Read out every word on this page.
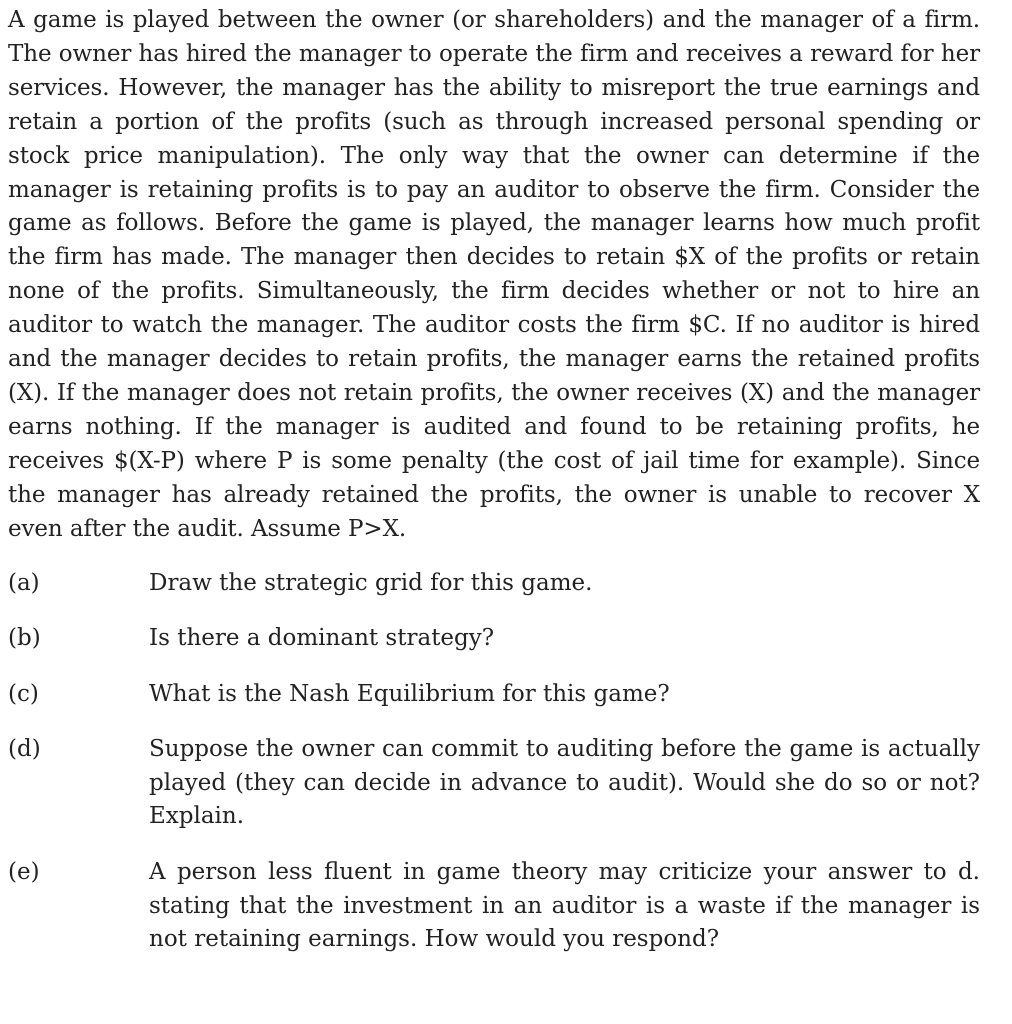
A game is played between the owner (or shareholders) and the manager of a firm. The owner has hired the manager to operate the firm and receives a reward for her services. However, the manager has the ability to misreport the true earnings and retain a portion of the profits (such as through increased personal spending or stock price manipulation). The only way that the owner can determine if the manager is retaining profits is to pay an auditor to observe the firm. Consider the game as follows. Before the game is played, the manager learns how much profit the firm has made. The manager then decides to retain $X of the profits or retain none of the profits. Simultaneously, the firm decides whether or not to hire an auditor to watch the manager. The auditor costs the firm $C. If no auditor is hired and the manager decides to retain profits, the manager earns the retained profits (X). If the manager does not retain profits, the owner receives (X) and the manager earns nothing. If the manager is audited and found to be retaining profits, he receives $(X-P) where P is some penalty (the cost of jail time for example). Since the manager has already retained the profits, the owner is unable to recover X even after the audit. Assume P>X.

(a)	Draw the strategic grid for this game.
(b)	Is there a dominant strategy?
(c)	What is the Nash Equilibrium for this game?
(d)	Suppose the owner can commit to auditing before the game is actually played (they can decide in advance to audit). Would she do so or not? Explain.
(e)	A person less fluent in game theory may criticize your answer to d. stating that the investment in an auditor is a waste if the manager is not retaining earnings. How would you respond?
